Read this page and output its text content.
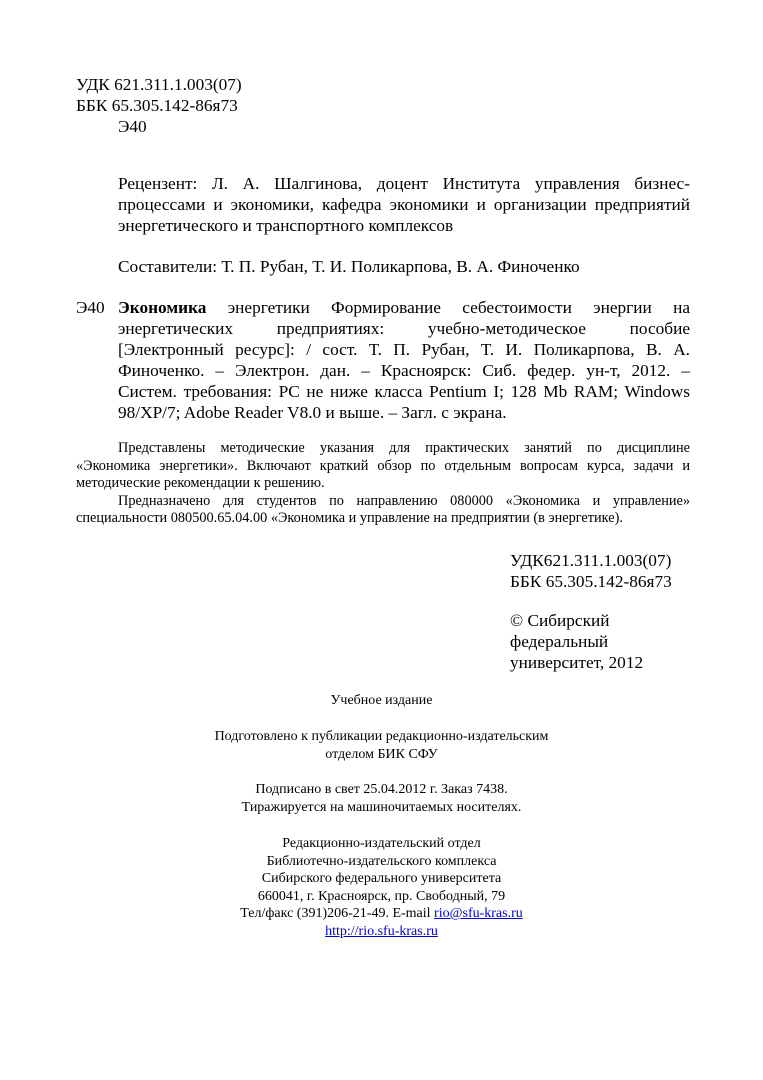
УДК 621.311.1.003(07)
ББК 65.305.142-86я73
Э40
Рецензент: Л. А. Шалгинова, доцент Института управления бизнес-
процессами и экономики, кафедра экономики и организации предприятий
энергетического и транспортного комплексов
Составители: Т. П. Рубан, Т. И. Поликарпова, В. А. Финоченко
Э40 Экономика энергетики Формирование себестоимости энергии на
энергетических предприятиях: учебно-методическое пособие
[Электронный ресурс]: / сост. Т. П. Рубан, Т. И. Поликарпова, В. А.
Финоченко. – Электрон. дан. – Красноярск: Сиб. федер. ун-т, 2012. –
Систем. требования: PC не ниже класса Pentium I; 128 Mb RAM; Windows
98/XP/7; Adobe Reader V8.0 и выше. – Загл. с экрана.
Представлены методические указания для практических занятий по дисциплине
«Экономика энергетики». Включают краткий обзор по отдельным вопросам курса, задачи и
методические рекомендации к решению.
Предназначено для студентов по направлению 080000 «Экономика и управление»
специальности 080500.65.04.00 «Экономика и управление на предприятии (в энергетике).
УДК621.311.1.003(07)
ББК 65.305.142-86я73
© Сибирский
федеральный
университет, 2012
Учебное издание
Подготовлено к публикации редакционно-издательским
отделом БИК СФУ
Подписано в свет 25.04.2012 г. Заказ 7438.
Тиражируется на машиночитаемых носителях.
Редакционно-издательский отдел
Библиотечно-издательского комплекса
Сибирского федерального университета
660041, г. Красноярск, пр. Свободный, 79
Тел/факс (391)206-21-49. E-mail rio@sfu-kras.ru
http://rio.sfu-kras.ru
